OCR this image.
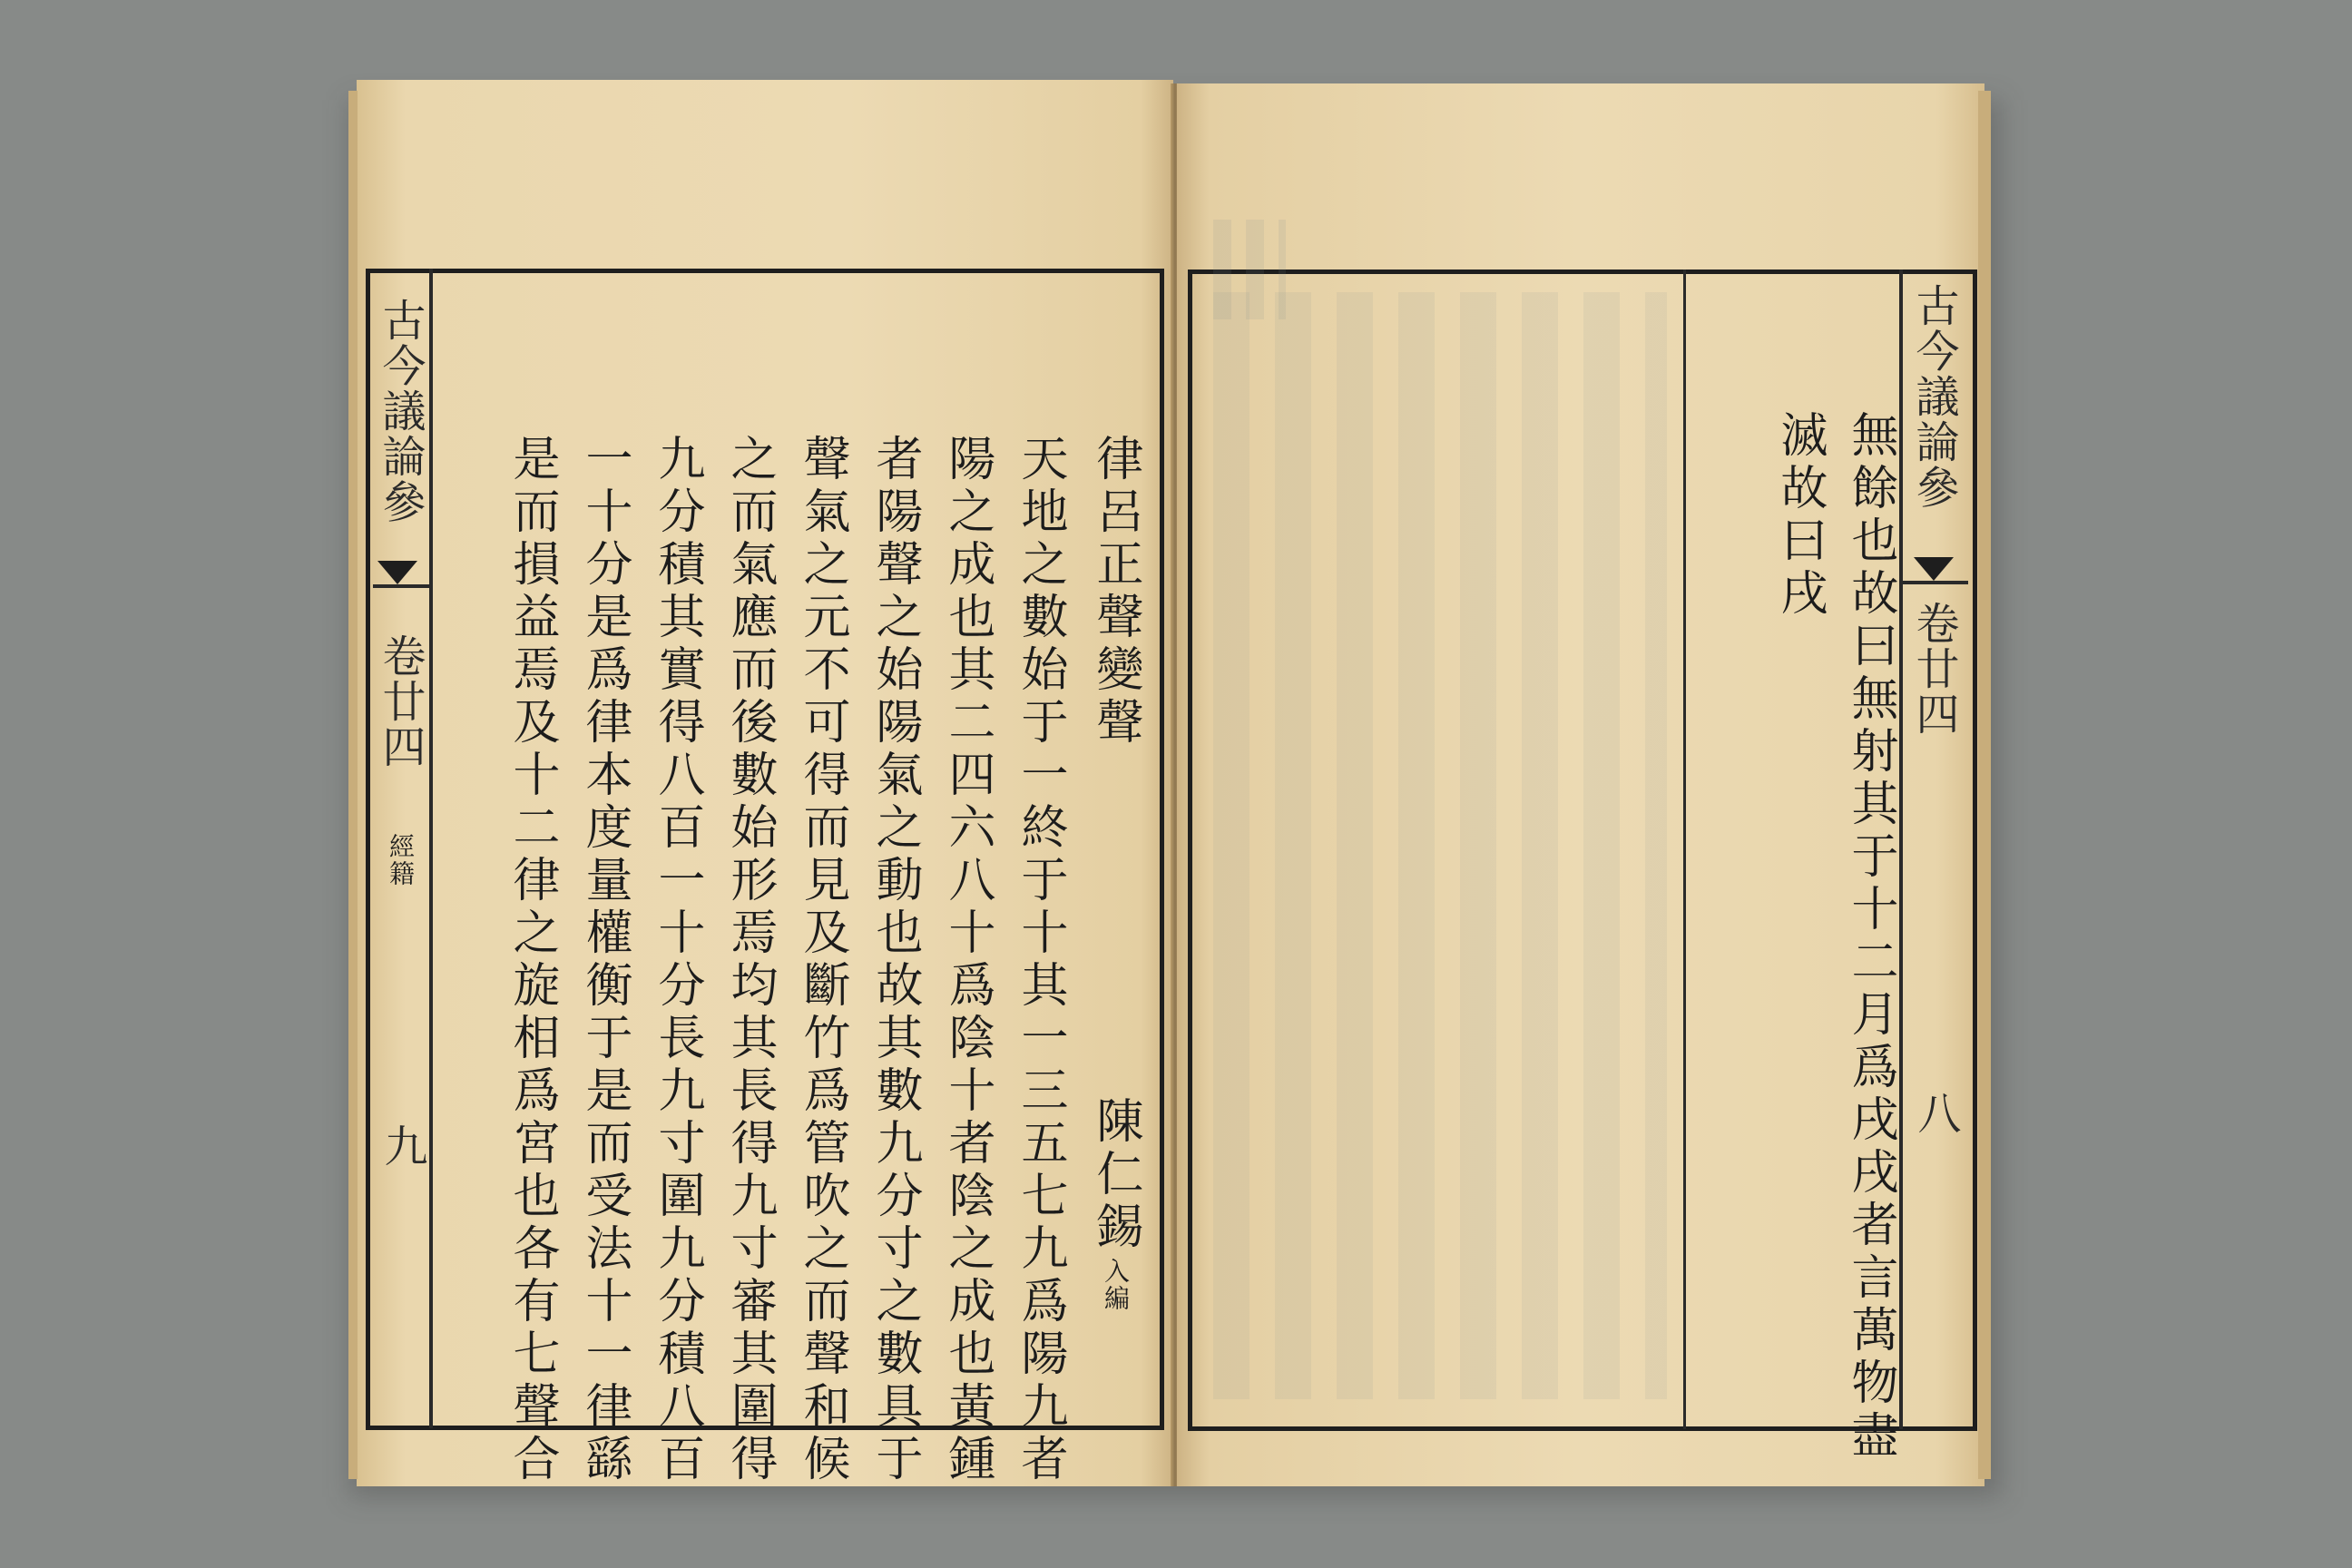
古今議論參
卷廿四
經籍
九
律呂正聲變聲
陳仁錫
入編
天地之數始于一終于十其一三五七九爲陽九者
陽之成也其二四六八十爲陰十者陰之成也黃鍾
者陽聲之始陽氣之動也故其數九分寸之數具于
聲氣之元不可得而見及斷竹爲管吹之而聲和候
之而氣應而後數始形焉均其長得九寸審其圍得
九分積其實得八百一十分長九寸圍九分積八百
一十分是爲律本度量權衡于是而受法十一律繇
是而損益焉及十二律之旋相爲宮也各有七聲合

古今議論參
卷廿四
八
無餘也故曰無射其于十二月爲戌戌者言萬物盡
滅故曰戌
